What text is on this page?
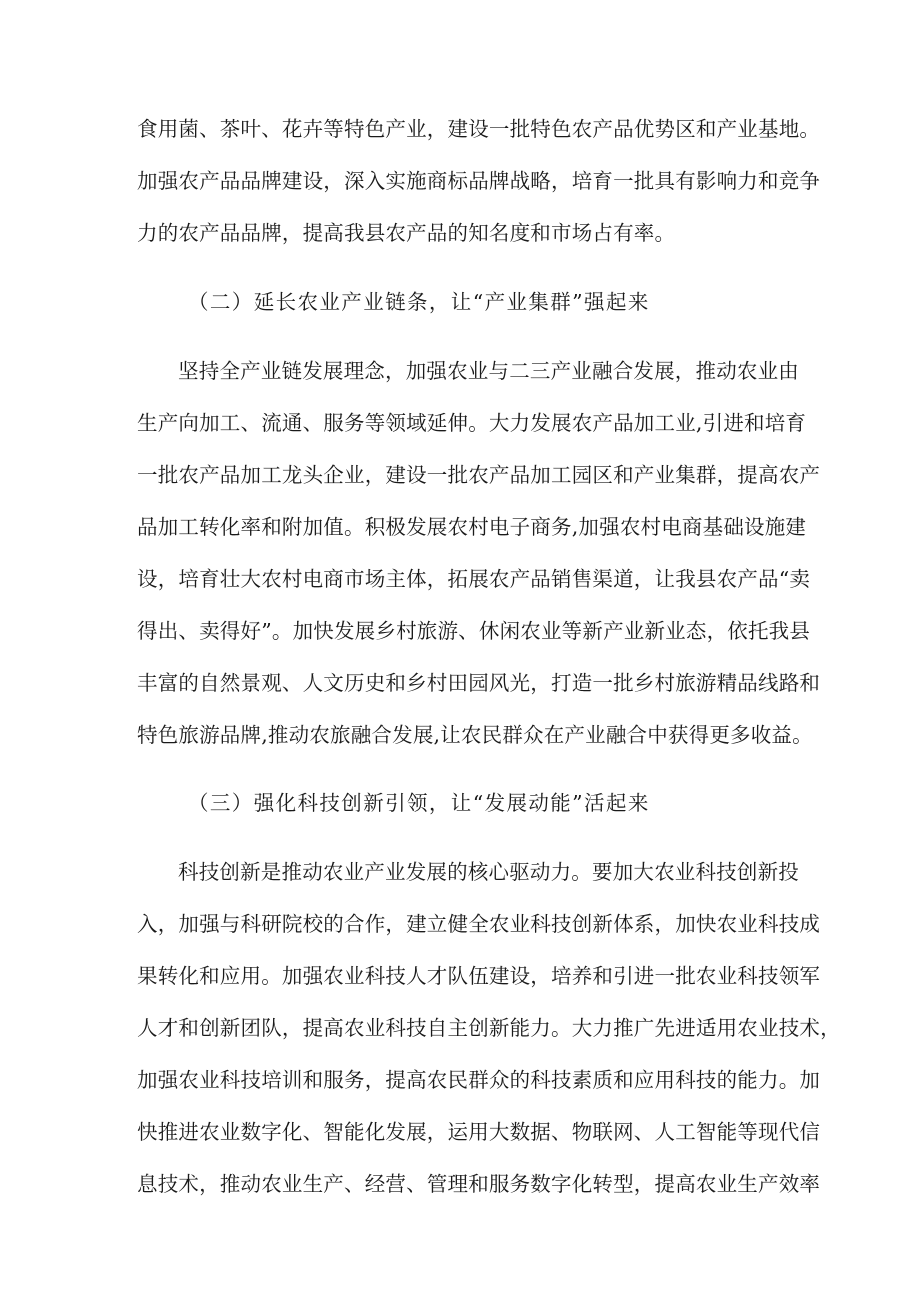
食用菌、茶叶、花卉等特色产业，建设一批特色农产品优势区和产业基地。
加强农产品品牌建设，深入实施商标品牌战略，培育一批具有影响力和竞争
力的农产品品牌，提高我县农产品的知名度和市场占有率。
（二）延长农业产业链条，让“产业集群”强起来
坚持全产业链发展理念，加强农业与二三产业融合发展，推动农业由
生产向加工、流通、服务等领域延伸。大力发展农产品加工业,引进和培育
一批农产品加工龙头企业，建设一批农产品加工园区和产业集群，提高农产
品加工转化率和附加值。积极发展农村电子商务,加强农村电商基础设施建
设，培育壮大农村电商市场主体，拓展农产品销售渠道，让我县农产品“卖
得出、卖得好”。加快发展乡村旅游、休闲农业等新产业新业态，依托我县
丰富的自然景观、人文历史和乡村田园风光，打造一批乡村旅游精品线路和
特色旅游品牌,推动农旅融合发展,让农民群众在产业融合中获得更多收益。
（三）强化科技创新引领，让“发展动能”活起来
科技创新是推动农业产业发展的核心驱动力。要加大农业科技创新投
入，加强与科研院校的合作，建立健全农业科技创新体系，加快农业科技成
果转化和应用。加强农业科技人才队伍建设，培养和引进一批农业科技领军
人才和创新团队，提高农业科技自主创新能力。大力推广先进适用农业技术，
加强农业科技培训和服务，提高农民群众的科技素质和应用科技的能力。加
快推进农业数字化、智能化发展，运用大数据、物联网、人工智能等现代信
息技术，推动农业生产、经营、管理和服务数字化转型，提高农业生产效率
